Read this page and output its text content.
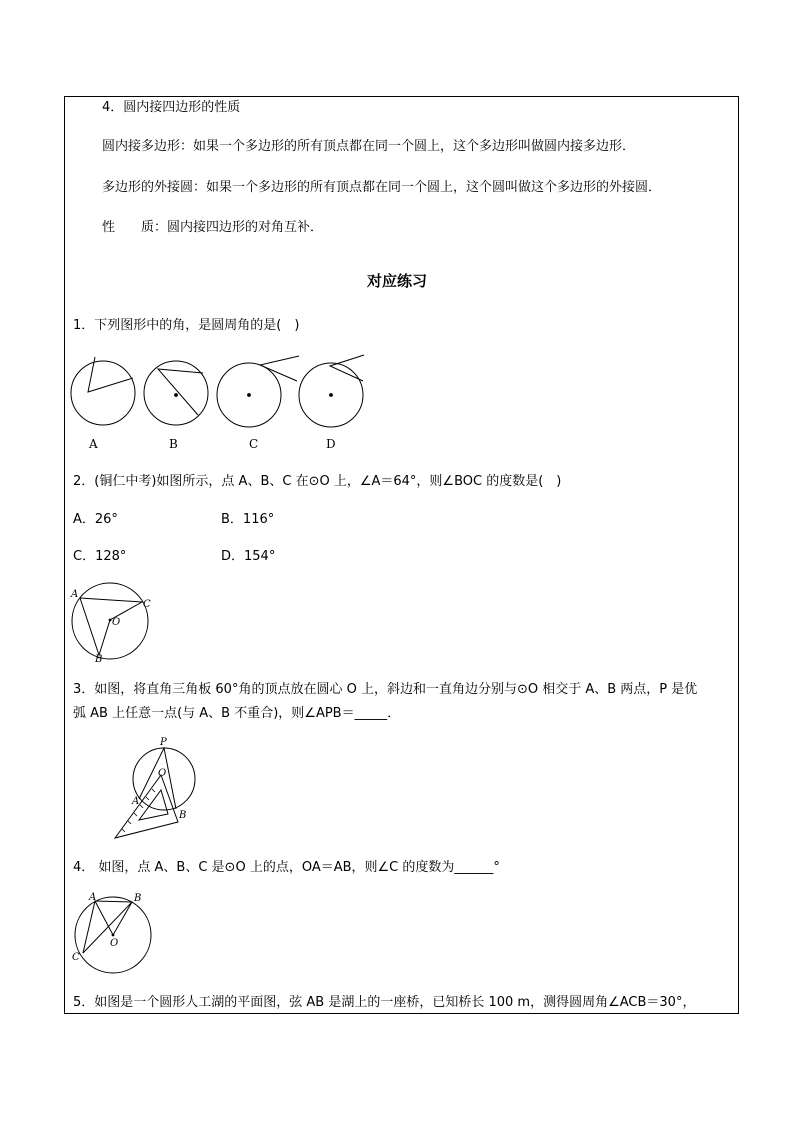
4．圆内接四边形的性质
圆内接多边形：如果一个多边形的所有顶点都在同一个圆上，这个多边形叫做圆内接多边形．
多边形的外接圆：如果一个多边形的所有顶点都在同一个圆上，这个圆叫做这个多边形的外接圆．
性　　质：圆内接四边形的对角互补．
对应练习
1．下列图形中的角，是圆周角的是(　)
A	B	C	D
2．(铜仁中考)如图所示，点 A、B、C 在⊙O 上，∠A＝64°，则∠BOC 的度数是(　)
A．26°	B．116°
C．128°	D．154°
A
C
O
B
3．如图，将直角三角板 60°角的顶点放在圆心 O 上，斜边和一直角边分别与⊙O 相交于 A、B 两点，P 是优
弧 AB 上任意一点(与 A、B 不重合)，则∠APB＝_____．
P
O
A
B
4． 如图，点 A、B、C 是⊙O 上的点，OA＝AB，则∠C 的度数为______°
A	B
O
C
5．如图是一个圆形人工湖的平面图，弦 AB 是湖上的一座桥，已知桥长 100 m，测得圆周角∠ACB＝30°，
